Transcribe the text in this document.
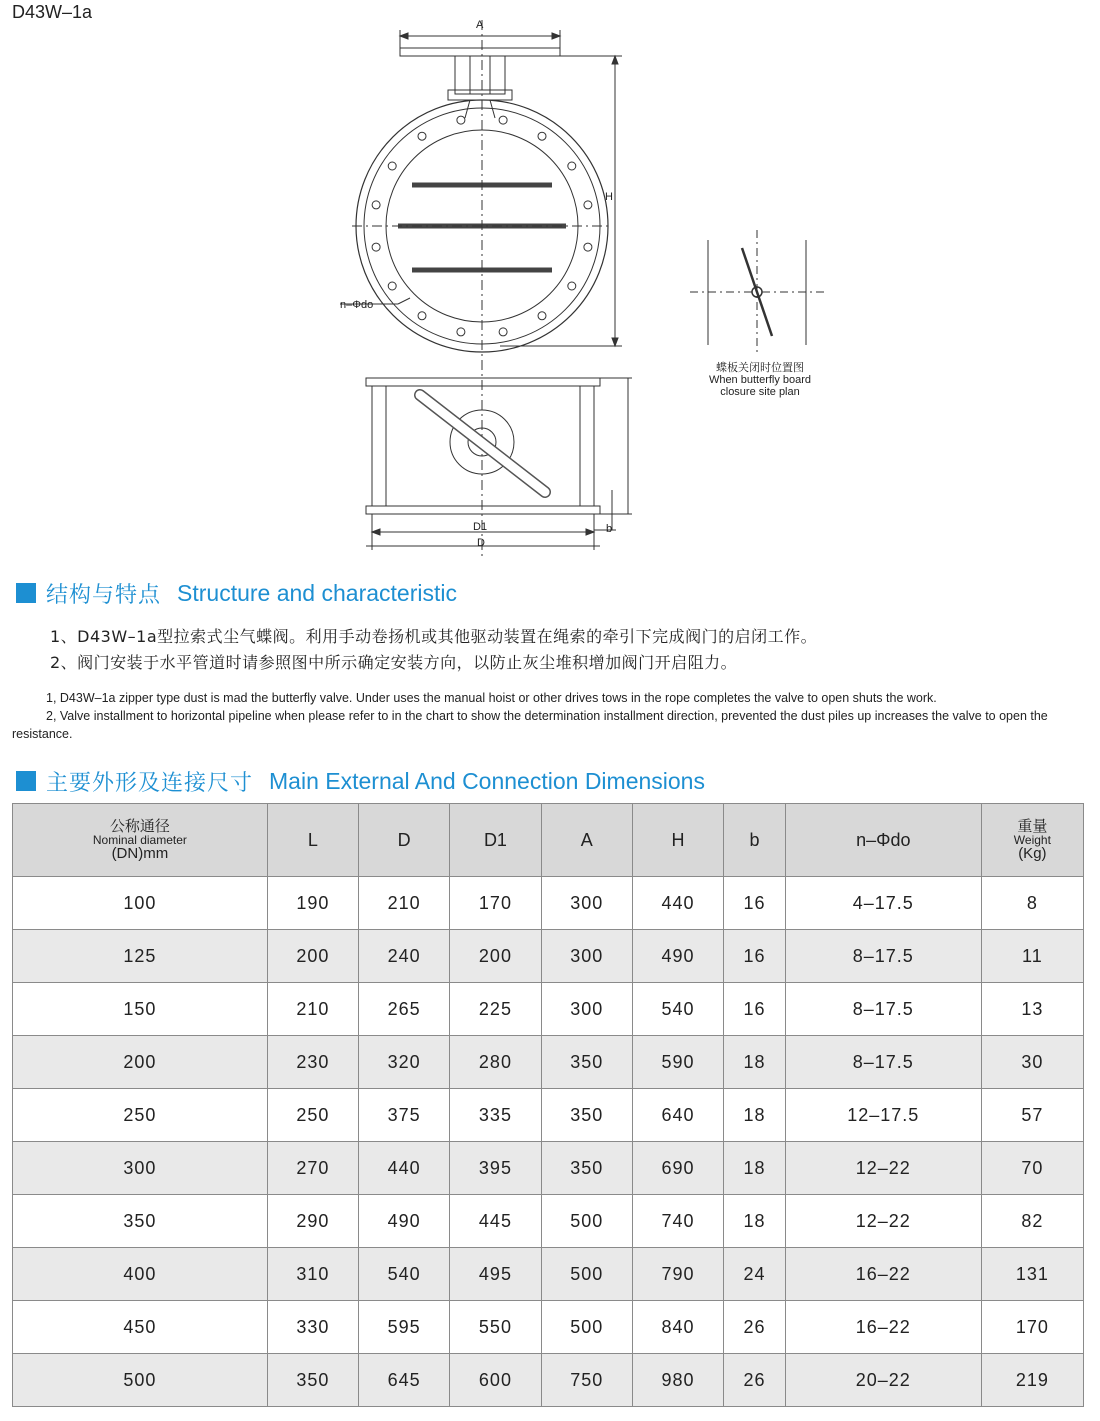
D43W–1a
A
H
n–Φdo
D1
D
b
蝶板关闭时位置图
When butterfly board
closure site plan
结构与特点 Structure and characteristic
1、D43W–1a型拉索式尘气蝶阀。利用手动卷扬机或其他驱动装置在绳索的牵引下完成阀门的启闭工作。
2、阀门安装于水平管道时请参照图中所示确定安装方向，以防止灰尘堆积增加阀门开启阻力。
1, D43W–1a zipper type dust is mad the butterfly valve. Under uses the manual hoist or other drives tows in the rope completes the valve to open shuts the work.
2, Valve installment to horizontal pipeline when please refer to in the chart to show the determination installment direction, prevented the dust piles up increases the valve to open the resistance.
主要外形及连接尺寸 Main External And Connection Dimensions
公称通径
Nominal diameter
(DN)mm	L	D	D1	A	H	b	n–Φdo	重量
Weight
(Kg)

100	190	210	170	300	440	16	4–17.5	8
125	200	240	200	300	490	16	8–17.5	11
150	210	265	225	300	540	16	8–17.5	13
200	230	320	280	350	590	18	8–17.5	30
250	250	375	335	350	640	18	12–17.5	57
300	270	440	395	350	690	18	12–22	70
350	290	490	445	500	740	18	12–22	82
400	310	540	495	500	790	24	16–22	131
450	330	595	550	500	840	26	16–22	170
500	350	645	600	750	980	26	20–22	219
